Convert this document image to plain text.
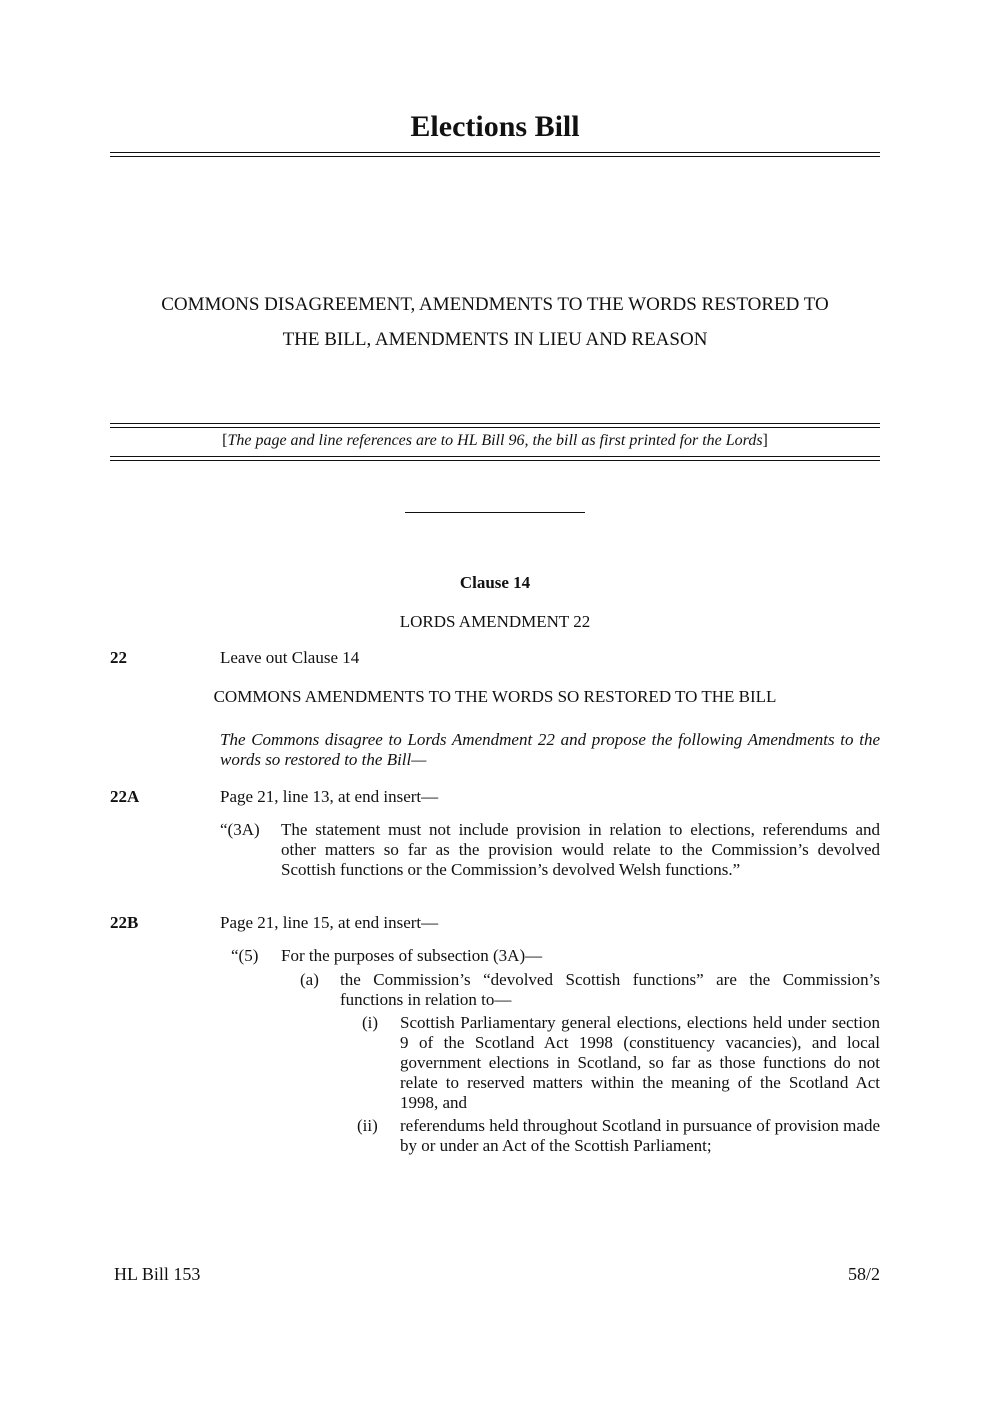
Elections Bill
COMMONS DISAGREEMENT, AMENDMENTS TO THE WORDS RESTORED TO
THE BILL, AMENDMENTS IN LIEU AND REASON
[The page and line references are to HL Bill 96, the bill as first printed for the Lords]
Clause 14
LORDS AMENDMENT 22
22	Leave out Clause 14
COMMONS AMENDMENTS TO THE WORDS SO RESTORED TO THE BILL
The Commons disagree to Lords Amendment 22 and propose the following Amendments to the words so restored to the Bill—
22A	Page 21, line 13, at end insert—
“(3A) The statement must not include provision in relation to elections, referendums and other matters so far as the provision would relate to the Commission’s devolved Scottish functions or the Commission’s devolved Welsh functions.”
22B	Page 21, line 15, at end insert—
“(5) For the purposes of subsection (3A)—
(a) the Commission’s “devolved Scottish functions” are the Commission’s functions in relation to—
(i) Scottish Parliamentary general elections, elections held under section 9 of the Scotland Act 1998 (constituency vacancies), and local government elections in Scotland, so far as those functions do not relate to reserved matters within the meaning of the Scotland Act 1998, and
(ii) referendums held throughout Scotland in pursuance of provision made by or under an Act of the Scottish Parliament;
HL Bill 153	58/2
